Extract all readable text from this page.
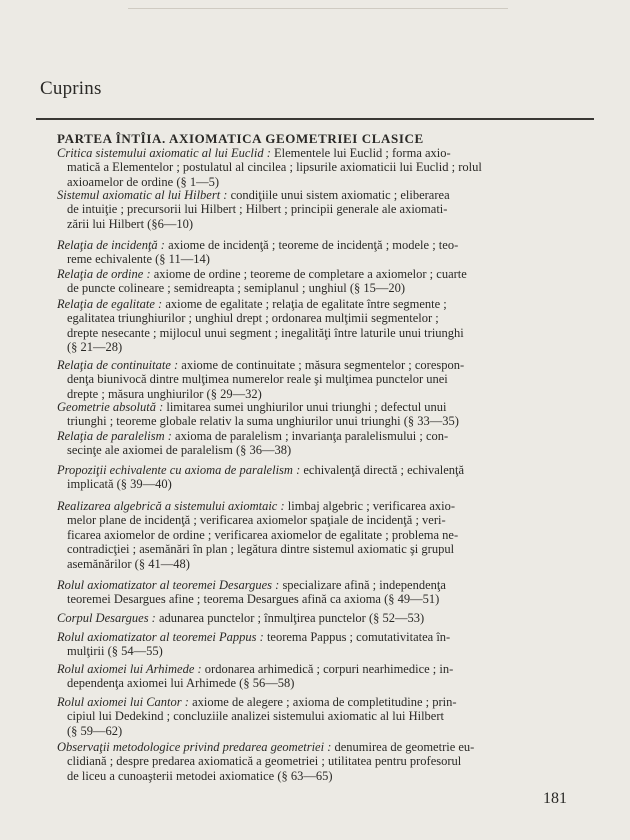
Cuprins
PARTEA ÎNTÎIA. AXIOMATICA GEOMETRIEI CLASICE
Critica sistemului axiomatic al lui Euclid : Elementele lui Euclid ; forma axio-
matică a Elementelor ; postulatul al cincilea ; lipsurile axiomaticii lui Euclid ; rolul
axioamelor de ordine (§ 1—5)
Sistemul axiomatic al lui Hilbert : condiţiile unui sistem axiomatic ; eliberarea
de intuiţie ; precursorii lui Hilbert ; Hilbert ; principii generale ale axiomati-
zării lui Hilbert (§6—10)
Relaţia de incidenţă : axiome de incidenţă ; teoreme de incidenţă ; modele ; teo-
reme echivalente (§ 11—14)
Relaţia de ordine : axiome de ordine ; teoreme de completare a axiomelor ; cuarte
de puncte colineare ; semidreapta ; semiplanul ; unghiul (§ 15—20)
Relaţia de egalitate : axiome de egalitate ; relaţia de egalitate între segmente ;
egalitatea triunghiurilor ; unghiul drept ; ordonarea mulţimii segmentelor ;
drepte nesecante ; mijlocul unui segment ; inegalităţi între laturile unui triunghi
(§ 21—28)
Relaţia de continuitate : axiome de continuitate ; măsura segmentelor ; corespon-
denţa biunivocă dintre mulţimea numerelor reale şi mulţimea punctelor unei
drepte ; măsura unghiurilor (§ 29—32)
Geometrie absolută : limitarea sumei unghiurilor unui triunghi ; defectul unui
triunghi ; teoreme globale relativ la suma unghiurilor unui triunghi (§ 33—35)
Relaţia de paralelism : axioma de paralelism ; invarianţa paralelismului ; con-
secinţe ale axiomei de paralelism (§ 36—38)
Propoziţii echivalente cu axioma de paralelism : echivalenţă directă ; echivalenţă
implicată (§ 39—40)
Realizarea algebrică a sistemului axiomtaic : limbaj algebric ; verificarea axio-
melor plane de incidenţă ; verificarea axiomelor spaţiale de incidenţă ; veri-
ficarea axiomelor de ordine ; verificarea axiomelor de egalitate ; problema ne-
contradicţiei ; asemănări în plan ; legătura dintre sistemul axiomatic şi grupul
asemănărilor (§ 41—48)
Rolul axiomatizator al teoremei Desargues : specializare afină ; independenţa
teoremei Desargues afine ; teorema Desargues afină ca axioma (§ 49—51)
Corpul Desargues : adunarea punctelor ; înmulţirea punctelor (§ 52—53)
Rolul axiomatizator al teoremei Pappus : teorema Pappus ; comutativitatea în-
mulţirii (§ 54—55)
Rolul axiomei lui Arhimede : ordonarea arhimedică ; corpuri nearhimedice ; in-
dependenţa axiomei lui Arhimede (§ 56—58)
Rolul axiomei lui Cantor : axiome de alegere ; axioma de completitudine ; prin-
cipiul lui Dedekind ; concluziile analizei sistemului axiomatic al lui Hilbert
(§ 59—62)
Observaţii metodologice privind predarea geometriei : denumirea de geometrie eu-
clidiană ; despre predarea axiomatică a geometriei ; utilitatea pentru profesorul
de liceu a cunoaşterii metodei axiomatice (§ 63—65)
181
